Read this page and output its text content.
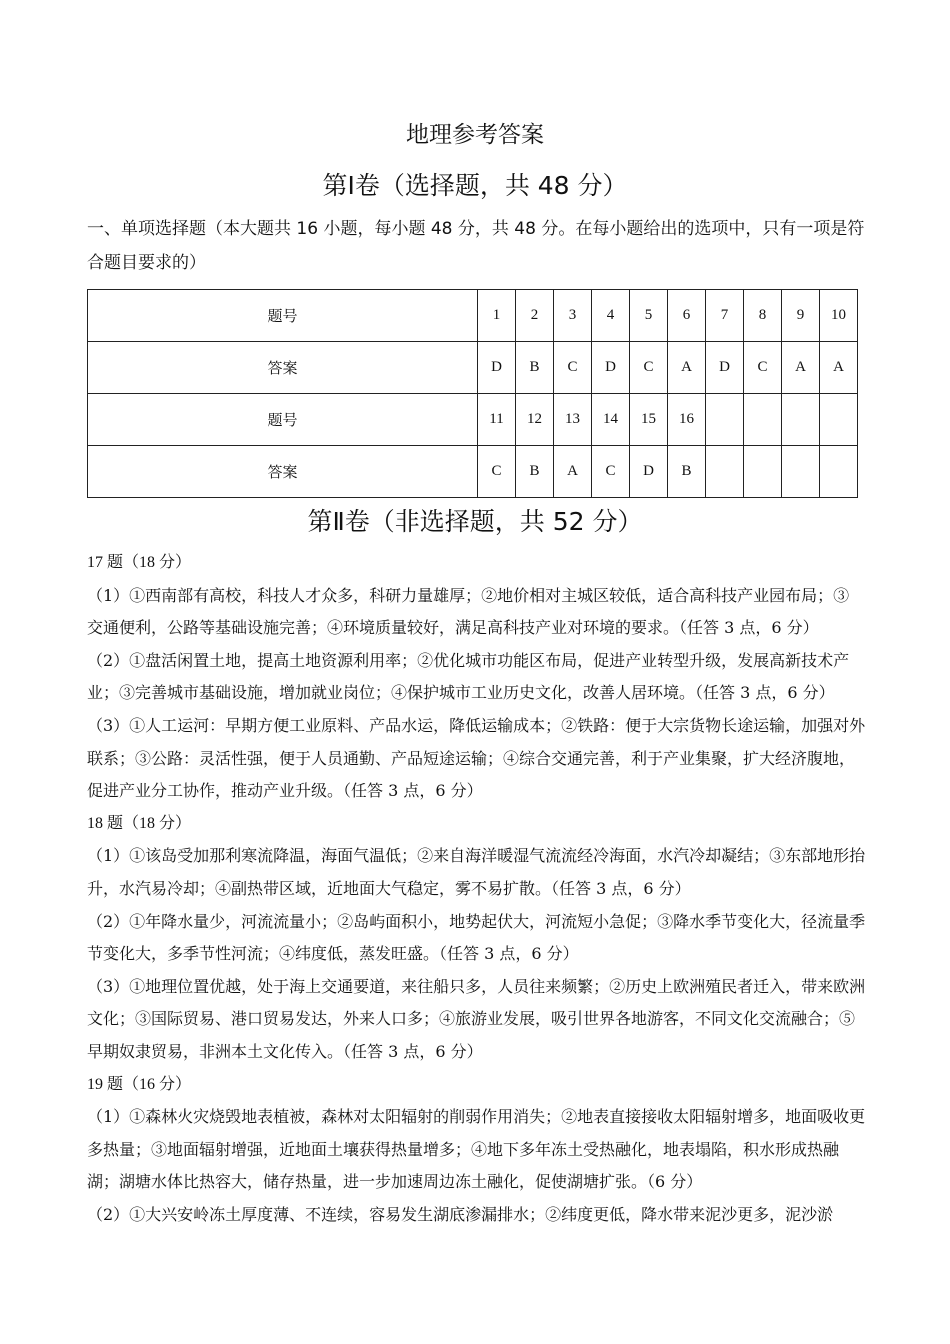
地理参考答案
第Ⅰ卷（选择题，共 48 分）
一、单项选择题（本大题共 16 小题，每小题 48 分，共 48 分。在每小题给出的选项中，只有一项是符合题目要求的）
题号	1	2	3	4	5	6	7	8	9	10
答案	D	B	C	D	C	A	D	C	A	A
题号	11	12	13	14	15	16				
答案	C	B	A	C	D	B				
第Ⅱ卷（非选择题，共 52 分）

17 题（18 分）

（1）①西南部有高校，科技人才众多，科研力量雄厚；②地价相对主城区较低，适合高科技产业园布局；③ 交通便利，公路等基础设施完善；④环境质量较好，满足高科技产业对环境的要求。（任答 3 点，6 分）

（2）①盘活闲置土地，提高土地资源利用率；②优化城市功能区布局，促进产业转型升级，发展高新技术产业；③完善城市基础设施，增加就业岗位；④保护城市工业历史文化，改善人居环境。（任答 3 点，6 分）

（3）①人工运河：早期方便工业原料、产品水运，降低运输成本；②铁路：便于大宗货物长途运输，加强对外联系；③公路：灵活性强，便于人员通勤、产品短途运输；④综合交通完善，利于产业集聚，扩大经济腹地，促进产业分工协作，推动产业升级。（任答 3 点，6 分）

18 题（18 分）

（1）①该岛受加那利寒流降温，海面气温低；②来自海洋暖湿气流流经冷海面，水汽冷却凝结；③东部地形抬升，水汽易冷却；④副热带区域，近地面大气稳定，雾不易扩散。（任答 3 点，6 分）

（2）①年降水量少，河流流量小；②岛屿面积小，地势起伏大，河流短小急促；③降水季节变化大，径流量季节变化大，多季节性河流；④纬度低，蒸发旺盛。（任答 3 点，6 分）

（3）①地理位置优越，处于海上交通要道，来往船只多，人员往来频繁；②历史上欧洲殖民者迁入，带来欧洲文化；③国际贸易、港口贸易发达，外来人口多；④旅游业发展，吸引世界各地游客，不同文化交流融合；⑤早期奴隶贸易，非洲本土文化传入。（任答 3 点，6 分）

19 题（16 分）

（1）①森林火灾烧毁地表植被，森林对太阳辐射的削弱作用消失；②地表直接接收太阳辐射增多，地面吸收更多热量；③地面辐射增强，近地面土壤获得热量增多；④地下多年冻土受热融化，地表塌陷，积水形成热融湖；湖塘水体比热容大，储存热量，进一步加速周边冻土融化，促使湖塘扩张。（6 分）

（2）①大兴安岭冻土厚度薄、不连续，容易发生湖底渗漏排水；②纬度更低，降水带来泥沙更多，泥沙淤
